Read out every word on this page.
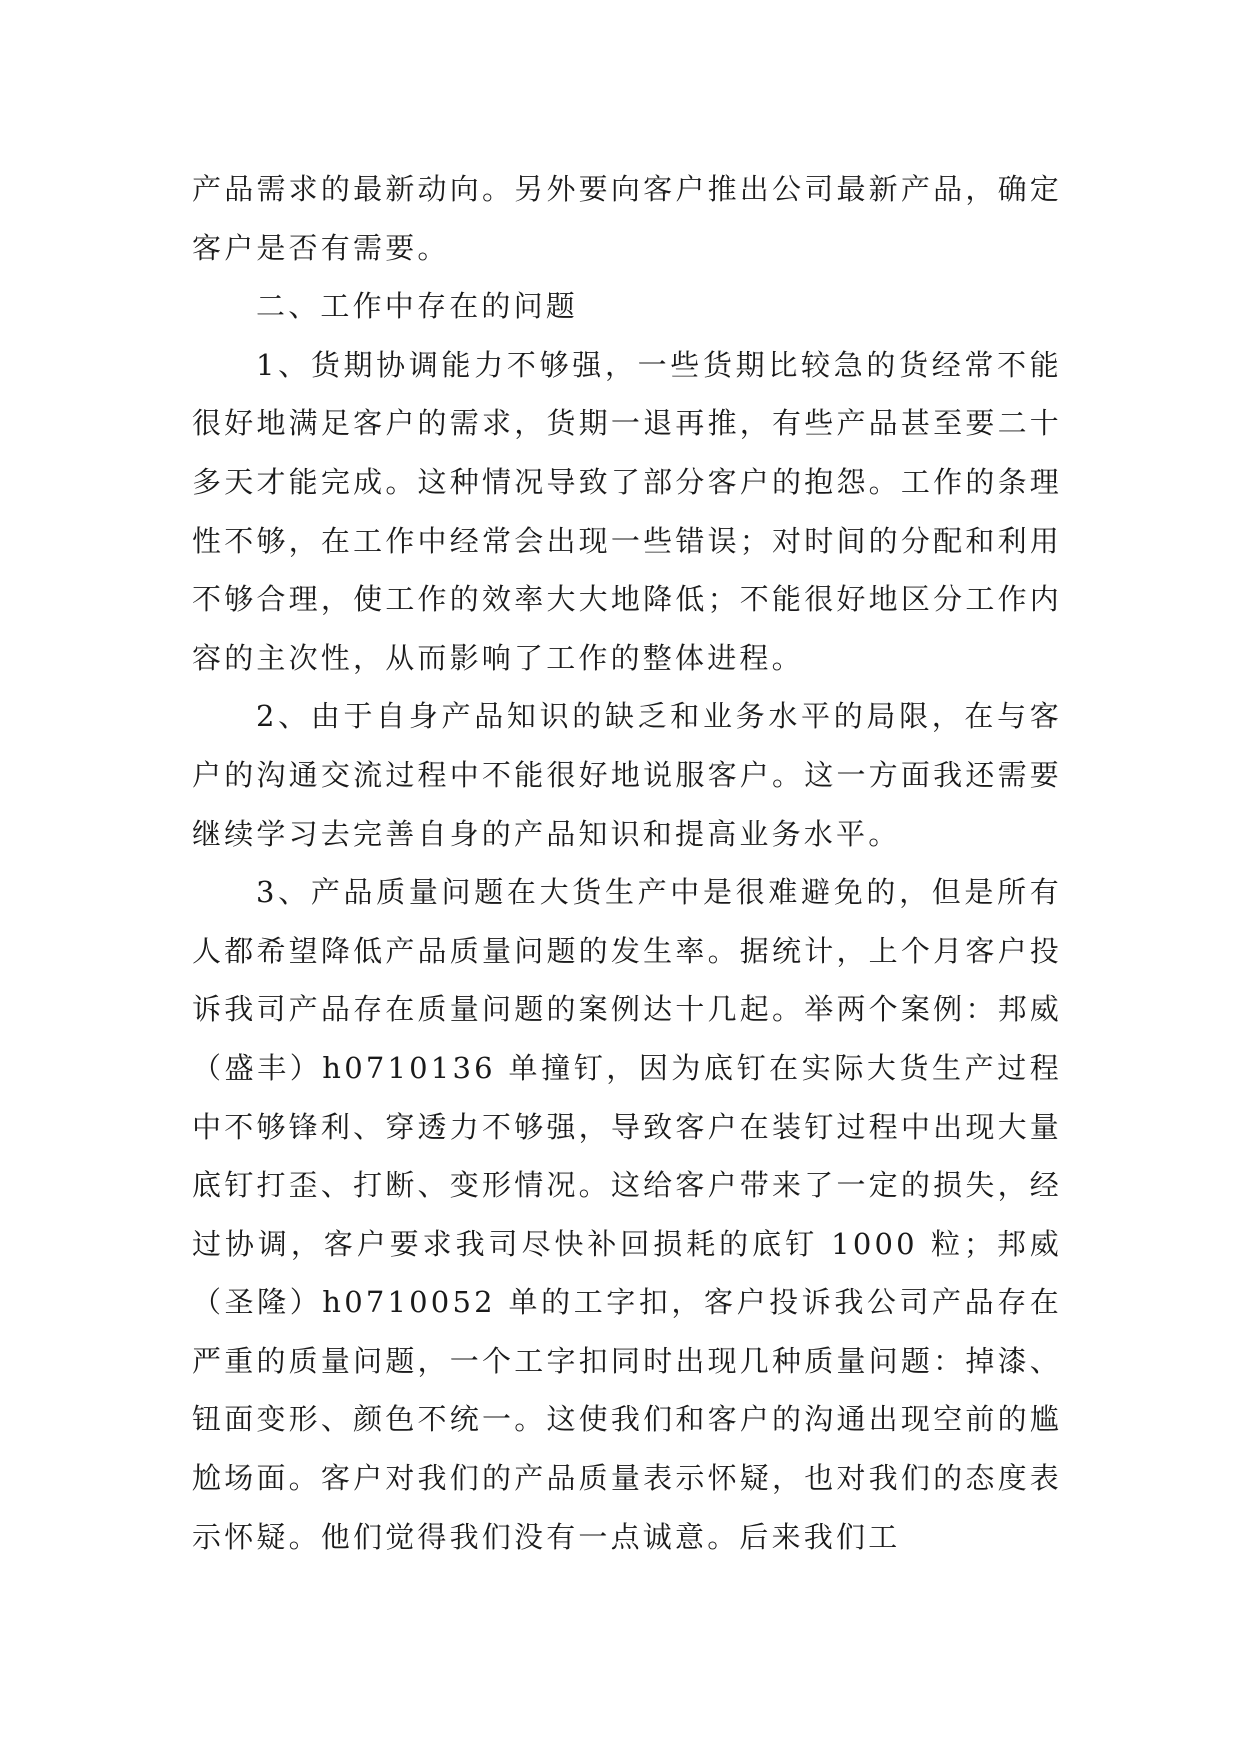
产品需求的最新动向。另外要向客户推出公司最新产品，确定客户是否有需要。

二、工作中存在的问题

1、货期协调能力不够强，一些货期比较急的货经常不能很好地满足客户的需求，货期一退再推，有些产品甚至要二十多天才能完成。这种情况导致了部分客户的抱怨。工作的条理性不够，在工作中经常会出现一些错误；对时间的分配和利用不够合理，使工作的效率大大地降低；不能很好地区分工作内容的主次性，从而影响了工作的整体进程。

2、由于自身产品知识的缺乏和业务水平的局限，在与客户的沟通交流过程中不能很好地说服客户。这一方面我还需要继续学习去完善自身的产品知识和提高业务水平。

3、产品质量问题在大货生产中是很难避免的，但是所有人都希望降低产品质量问题的发生率。据统计，上个月客户投诉我司产品存在质量问题的案例达十几起。举两个案例：邦威（盛丰）h0710136 单撞钉，因为底钉在实际大货生产过程中不够锋利、穿透力不够强，导致客户在装钉过程中出现大量底钉打歪、打断、变形情况。这给客户带来了一定的损失，经过协调，客户要求我司尽快补回损耗的底钉 1000 粒；邦威（圣隆）h0710052 单的工字扣，客户投诉我公司产品存在严重的质量问题，一个工字扣同时出现几种质量问题：掉漆、钮面变形、颜色不统一。这使我们和客户的沟通出现空前的尴尬场面。客户对我们的产品质量表示怀疑，也对我们的态度表示怀疑。他们觉得我们没有一点诚意。后来我们工
